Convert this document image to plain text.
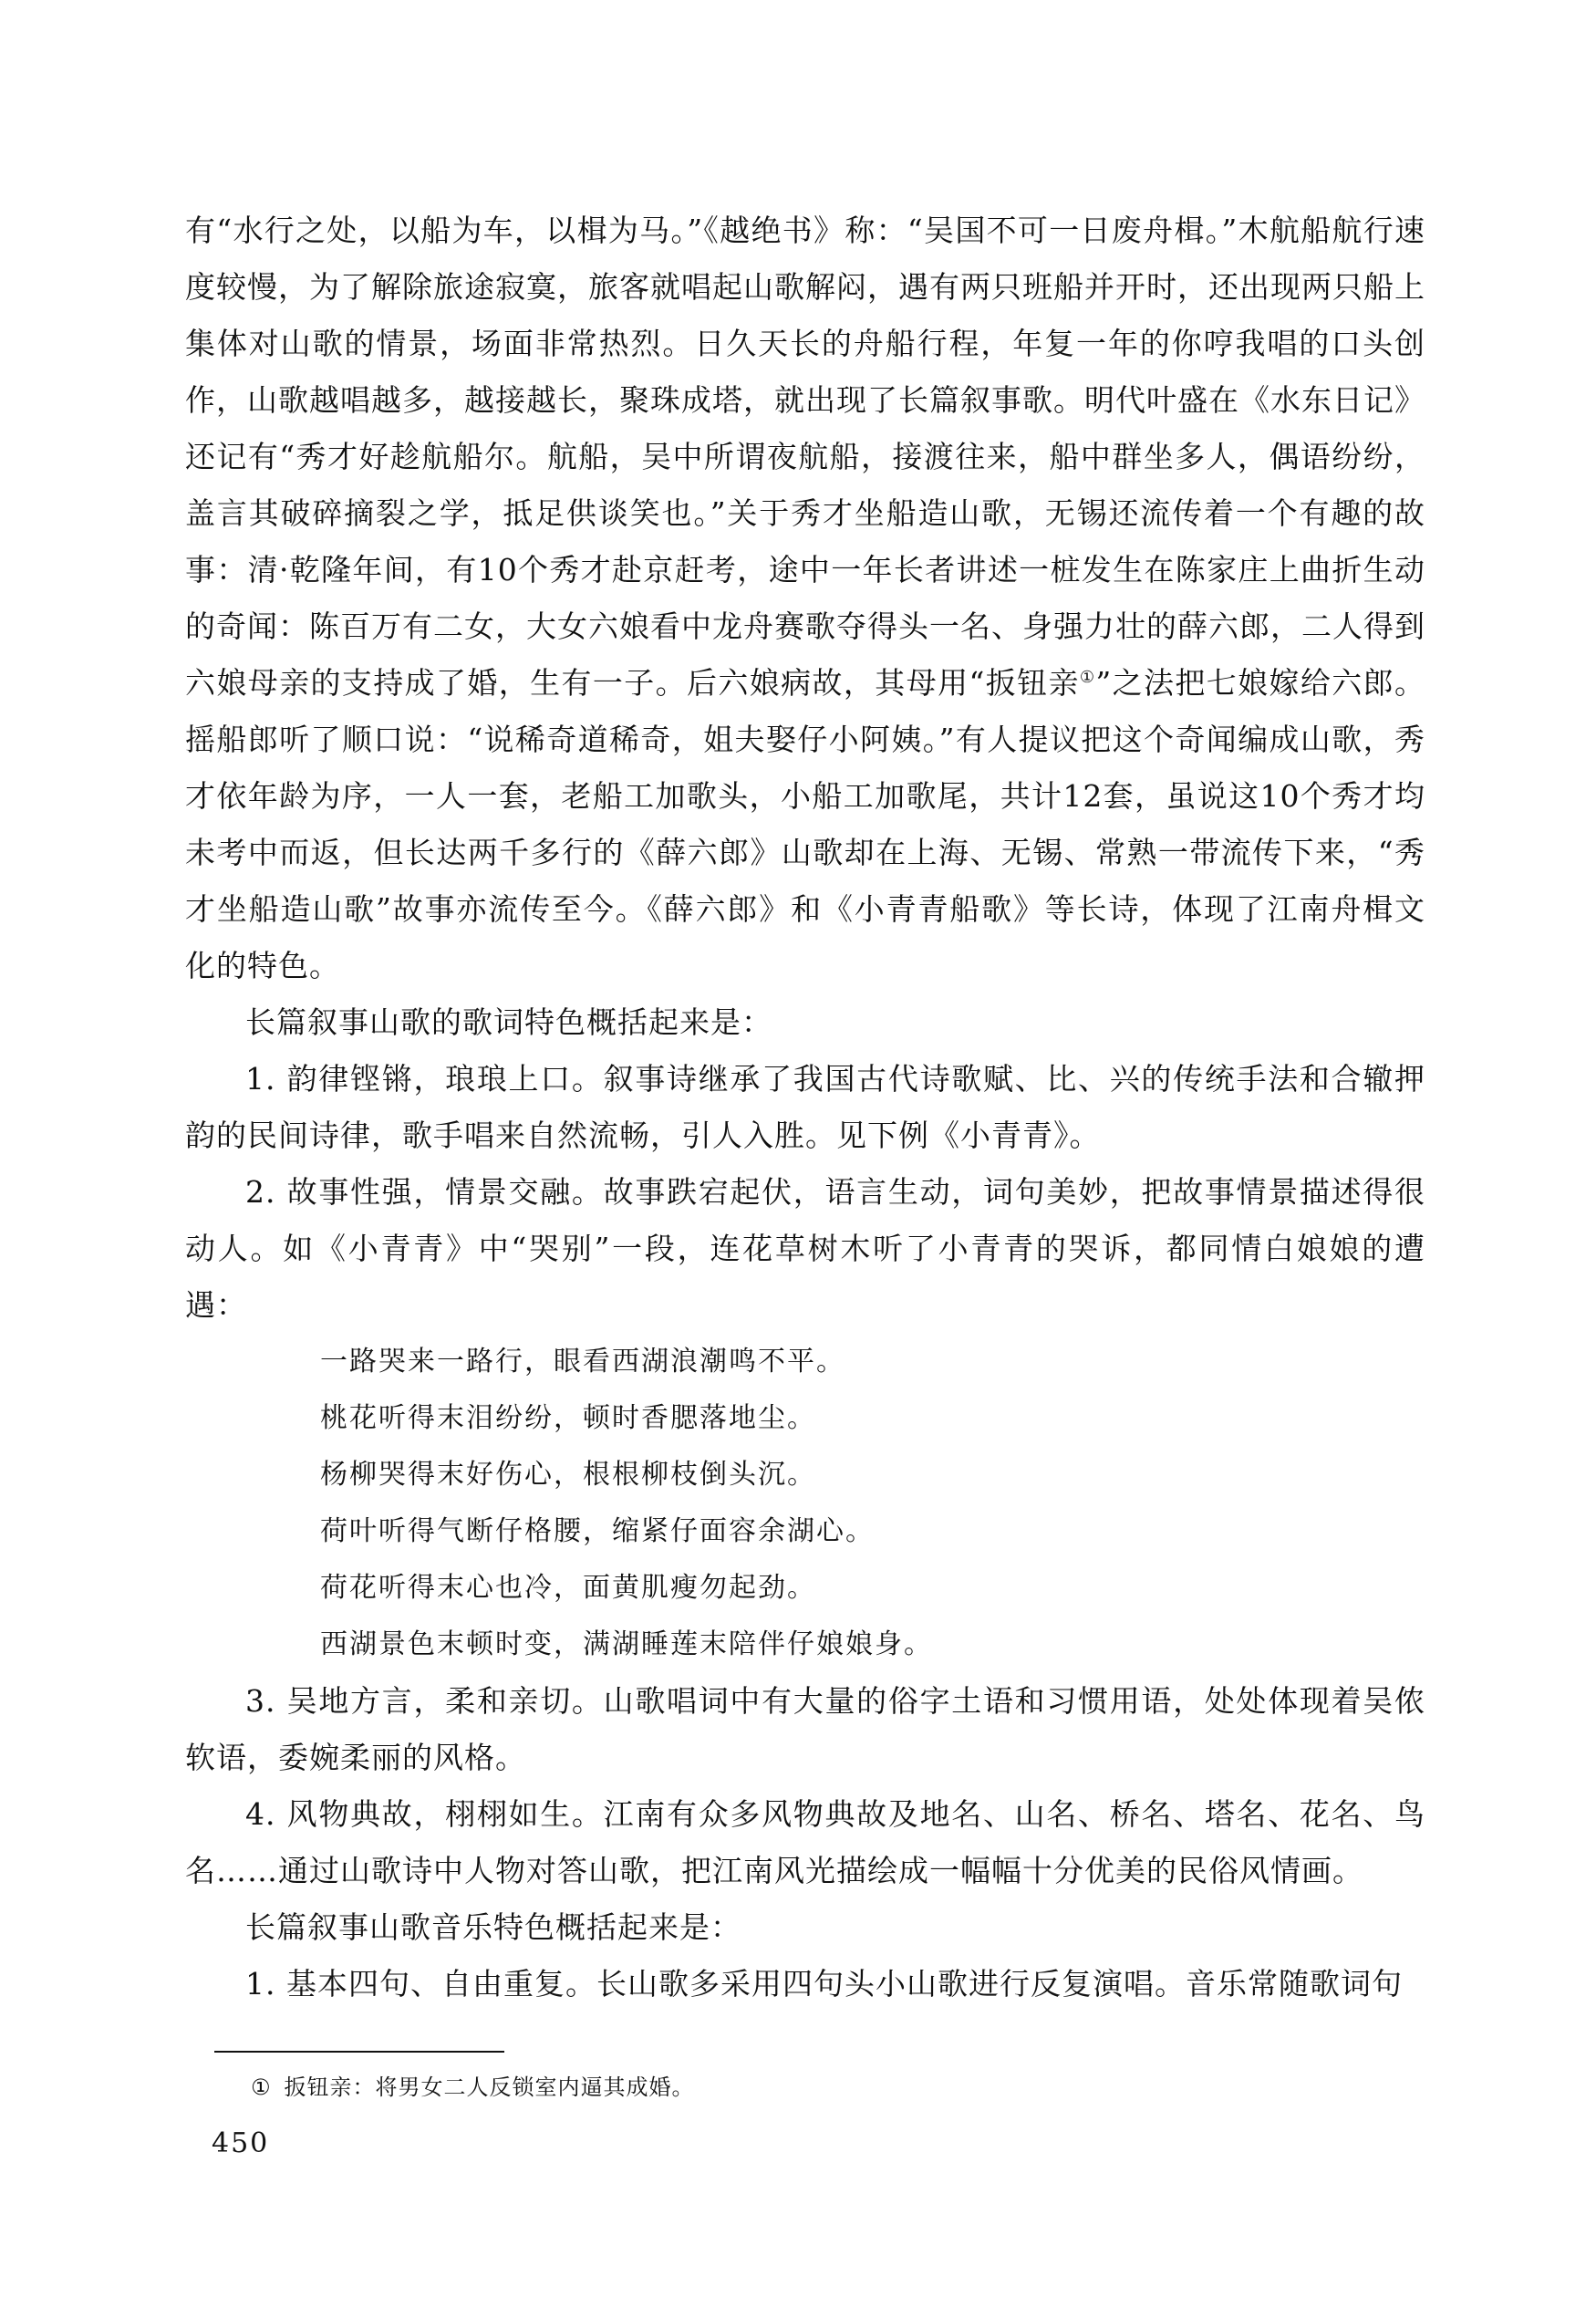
有“水行之处，以船为车，以楫为马。”《越绝书》称：“吴国不可一日废舟楫。”木航船航行速度较慢，为了解除旅途寂寞，旅客就唱起山歌解闷，遇有两只班船并开时，还出现两只船上集体对山歌的情景，场面非常热烈。日久天长的舟船行程，年复一年的你哼我唱的口头创作，山歌越唱越多，越接越长，聚珠成塔，就出现了长篇叙事歌。明代叶盛在《水东日记》还记有“秀才好趁航船尔。航船，吴中所谓夜航船，接渡往来，船中群坐多人，偶语纷纷，盖言其破碎摘裂之学，抵足供谈笑也。”关于秀才坐船造山歌，无锡还流传着一个有趣的故事：清·乾隆年间，有10个秀才赴京赶考，途中一年长者讲述一桩发生在陈家庄上曲折生动的奇闻：陈百万有二女，大女六娘看中龙舟赛歌夺得头一名、身强力壮的薛六郎，二人得到六娘母亲的支持成了婚，生有一子。后六娘病故，其母用“扳钮亲①”之法把七娘嫁给六郎。摇船郎听了顺口说：“说稀奇道稀奇，姐夫娶仔小阿姨。”有人提议把这个奇闻编成山歌，秀才依年龄为序，一人一套，老船工加歌头，小船工加歌尾，共计12套，虽说这10个秀才均未考中而返，但长达两千多行的《薛六郎》山歌却在上海、无锡、常熟一带流传下来，“秀才坐船造山歌”故事亦流传至今。《薛六郎》和《小青青船歌》等长诗，体现了江南舟楫文化的特色。

长篇叙事山歌的歌词特色概括起来是：

1. 韵律铿锵，琅琅上口。叙事诗继承了我国古代诗歌赋、比、兴的传统手法和合辙押韵的民间诗律，歌手唱来自然流畅，引人入胜。见下例《小青青》。

2. 故事性强，情景交融。故事跌宕起伏，语言生动，词句美妙，把故事情景描述得很动人。如《小青青》中“哭别”一段，连花草树木听了小青青的哭诉，都同情白娘娘的遭遇：

一路哭来一路行，眼看西湖浪潮鸣不平。
桃花听得末泪纷纷，顿时香腮落地尘。
杨柳哭得末好伤心，根根柳枝倒头沉。
荷叶听得气断仔格腰，缩紧仔面容余湖心。
荷花听得末心也冷，面黄肌瘦勿起劲。
西湖景色末顿时变，满湖睡莲末陪伴仔娘娘身。

3. 吴地方言，柔和亲切。山歌唱词中有大量的俗字土语和习惯用语，处处体现着吴侬软语，委婉柔丽的风格。

4. 风物典故，栩栩如生。江南有众多风物典故及地名、山名、桥名、塔名、花名、鸟名……通过山歌诗中人物对答山歌，把江南风光描绘成一幅幅十分优美的民俗风情画。

长篇叙事山歌音乐特色概括起来是：

1. 基本四句、自由重复。长山歌多采用四句头小山歌进行反复演唱。音乐常随歌词句

① 扳钮亲：将男女二人反锁室内逼其成婚。
450
